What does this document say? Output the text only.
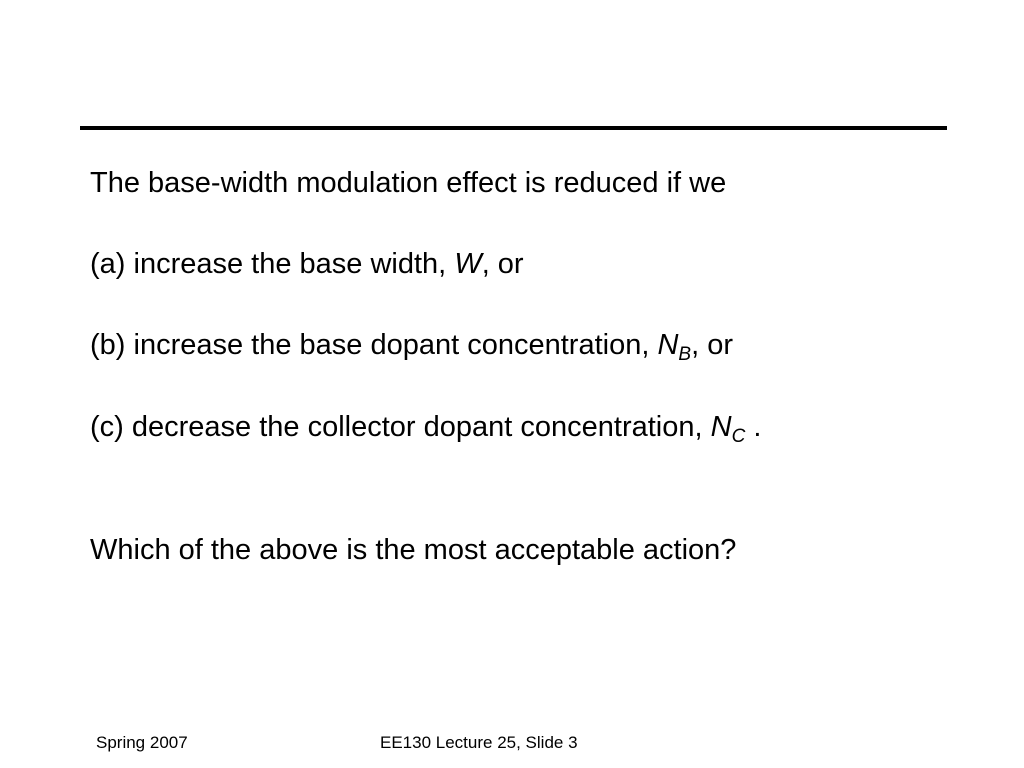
The base-width modulation effect is reduced if we
(a) increase the base width, W, or
(b) increase the base dopant concentration, $N_B$, or
(c) decrease the collector dopant concentration, $N_C$ .
Which of the above is the most acceptable action?
Spring 2007	EE130 Lecture 25, Slide 3
